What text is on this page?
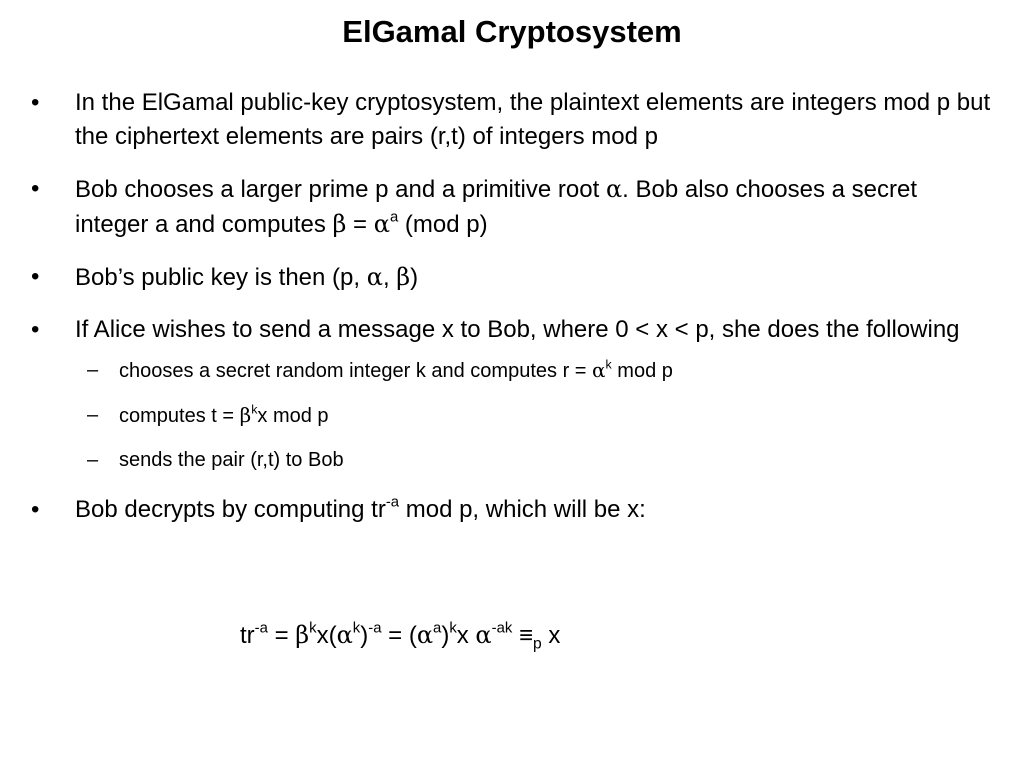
ElGamal Cryptosystem
• In the ElGamal public-key cryptosystem, the plaintext elements are integers mod p but the ciphertext elements are pairs (r,t) of integers mod p
• Bob chooses a larger prime p and a primitive root α. Bob also chooses a secret integer a and computes $\beta = \alpha^a$ (mod p)
• Bob’s public key is then (p, α, β)
• If Alice wishes to send a message x to Bob, where 0 < x < p, she does the following
– chooses a secret random integer k and computes $r = \alpha^k$ mod p
– computes $t = \beta^kx$ mod p
– sends the pair (r,t) to Bob
• Bob decrypts by computing $tr^{-a}$ mod p, which will be x:
$tr^{-a} = \beta^kx(\alpha^k)^{-a} = (\alpha^a)^kx$ $\alpha^{-ak} \equiv_p$ x
